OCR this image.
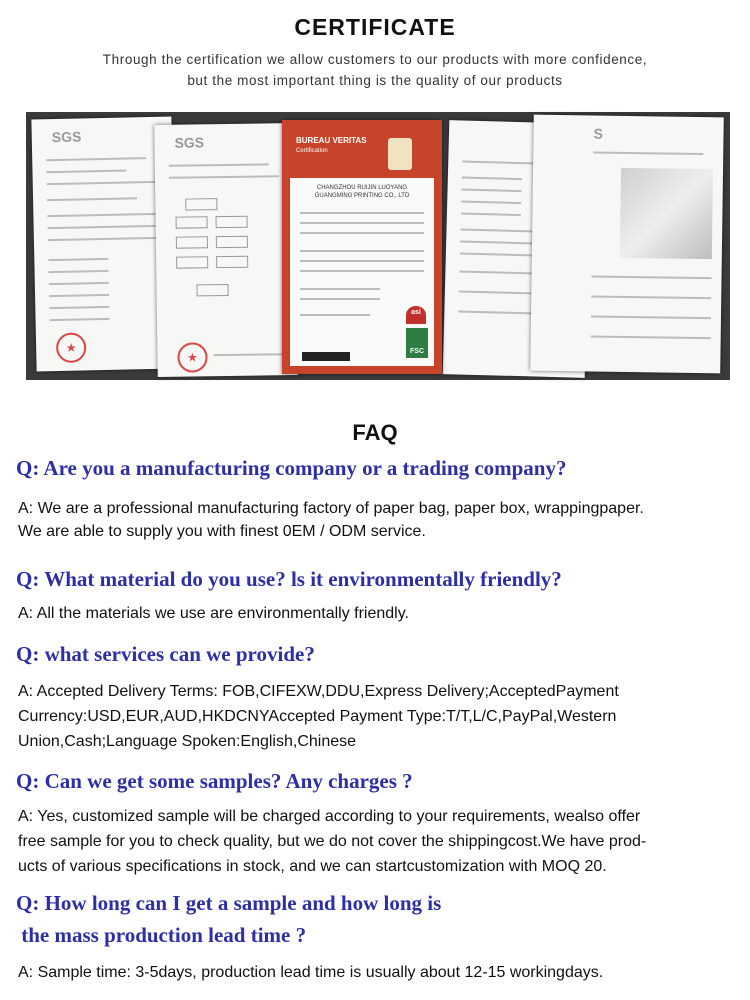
CERTIFICATE
Through the certification we allow customers to our products with more confidence,
but the most important thing is the quality of our products
SGS
★
SGS
★
S
BUREAU VERITAS
Certification
CHANGZHOU RUIJIN LUOYANG GUANGMING PRINTING CO., LTD
asi
FSC
FAQ
Q: Are you a manufacturing company or a trading company?
A: We are a professional manufacturing factory of paper bag, paper box, wrappingpaper.
We are able to supply you with finest 0EM / ODM service.
Q: What material do you use? ls it environmentally friendly?
A: All the materials we use are environmentally friendly.
Q: what services can we provide?
A: Accepted Delivery Terms: FOB,CIFEXW,DDU,Express Delivery;AcceptedPayment
Currency:USD,EUR,AUD,HKDCNYAccepted Payment Type:T/T,L/C,PayPal,Western
Union,Cash;Language Spoken:English,Chinese
Q: Can we get some samples? Any charges ?
A: Yes, customized sample will be charged according to your requirements, wealso offer
free sample for you to check quality, but we do not cover the shippingcost.We have prod-
ucts of various specifications in stock, and we can startcustomization with MOQ 20.
Q: How long can I get a sample and how long is
the mass production lead time ?
A: Sample time: 3-5days, production lead time is usually about 12-15 workingdays.
